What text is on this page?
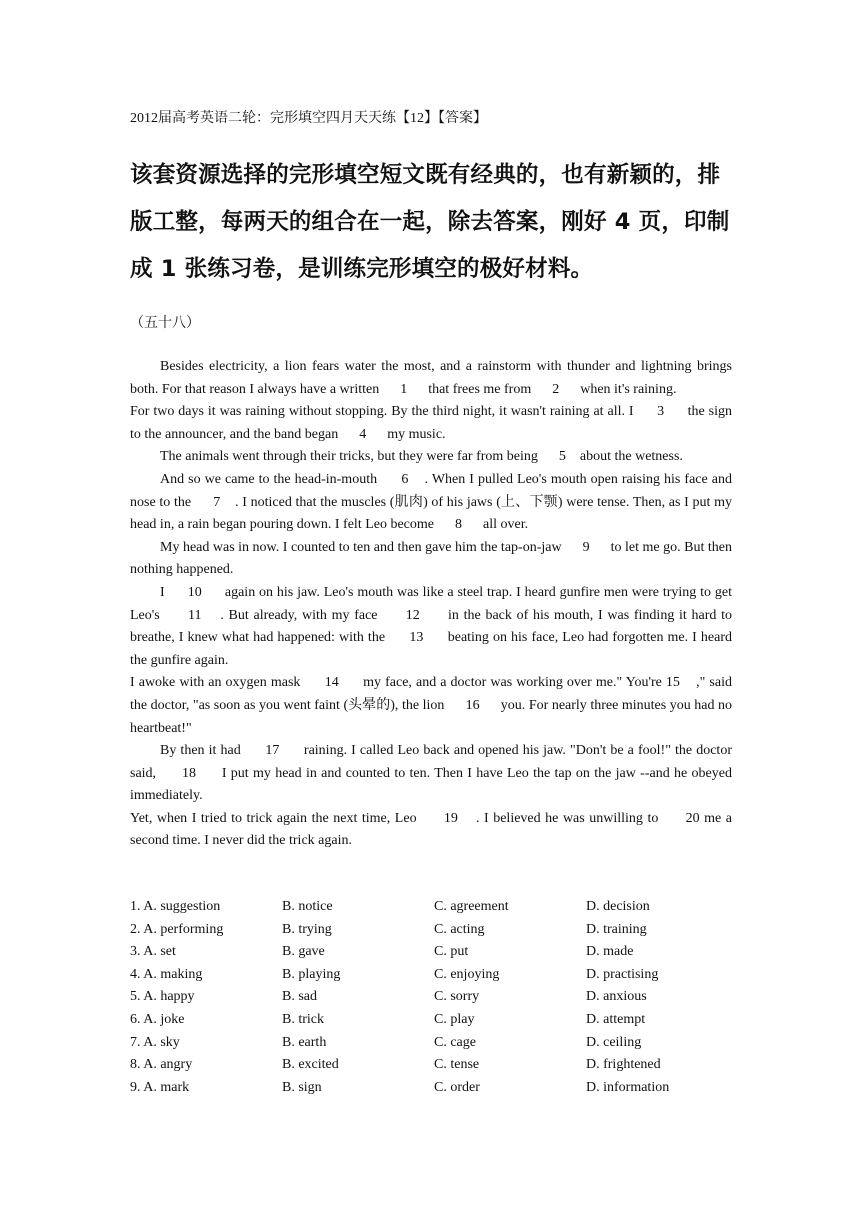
2012届高考英语二轮：完形填空四月天天练【12】【答案】
该套资源选择的完形填空短文既有经典的，也有新颖的，排版工整，每两天的组合在一起，除去答案，刚好 4 页，印制成 1 张练习卷，是训练完形填空的极好材料。
（五十八）

Besides electricity, a lion fears water the most, and a rainstorm with thunder and lightning brings both. For that reason I always have a written      1      that frees me from      2      when it's raining.

For two days it was raining without stopping. By the third night, it wasn't raining at all. I      3      the sign to the announcer, and the band began      4      my music.

The animals went through their tricks, but they were far from being      5    about the wetness.

And so we came to the head-in-mouth      6    . When I pulled Leo's mouth open raising his face and nose to the      7    . I noticed that the muscles (肌肉) of his jaws (上、下颚) were tense. Then, as I put my head in, a rain began pouring down. I felt Leo become      8      all over.

My head was in now. I counted to ten and then gave him the tap-on-jaw      9      to let me go. But then nothing happened.

I      10      again on his jaw. Leo's mouth was like a steel trap. I heard gunfire men were trying to get Leo's      11    . But already, with my face      12      in the back of his mouth, I was finding it hard to breathe, I knew what had happened: with the      13      beating on his face, Leo had forgotten me. I heard the gunfire again.

I awoke with an oxygen mask      14      my face, and a doctor was working over me." You're 15    ," said the doctor, "as soon as you went faint (头晕的), the lion      16      you. For nearly three minutes you had no heartbeat!"

By then it had      17      raining. I called Leo back and opened his jaw. "Don't be a fool!" the doctor said,      18      I put my head in and counted to ten. Then I have Leo the tap on the jaw --and he obeyed immediately.

Yet, when I tried to trick again the next time, Leo      19    . I believed he was unwilling to      20 me a second time. I never did the trick again.

1. A. suggestion	B. notice	C. agreement	D. decision
2. A. performing	B. trying	C. acting	D. training
3. A. set	B. gave	C. put	D. made
4. A. making	B. playing	C. enjoying	D. practising
5. A. happy	B. sad	C. sorry	D. anxious
6. A. joke	B. trick	C. play	D. attempt
7. A. sky	B. earth	C. cage	D. ceiling
8. A. angry	B. excited	C. tense	D. frightened
9. A. mark	B. sign	C. order	D. information
